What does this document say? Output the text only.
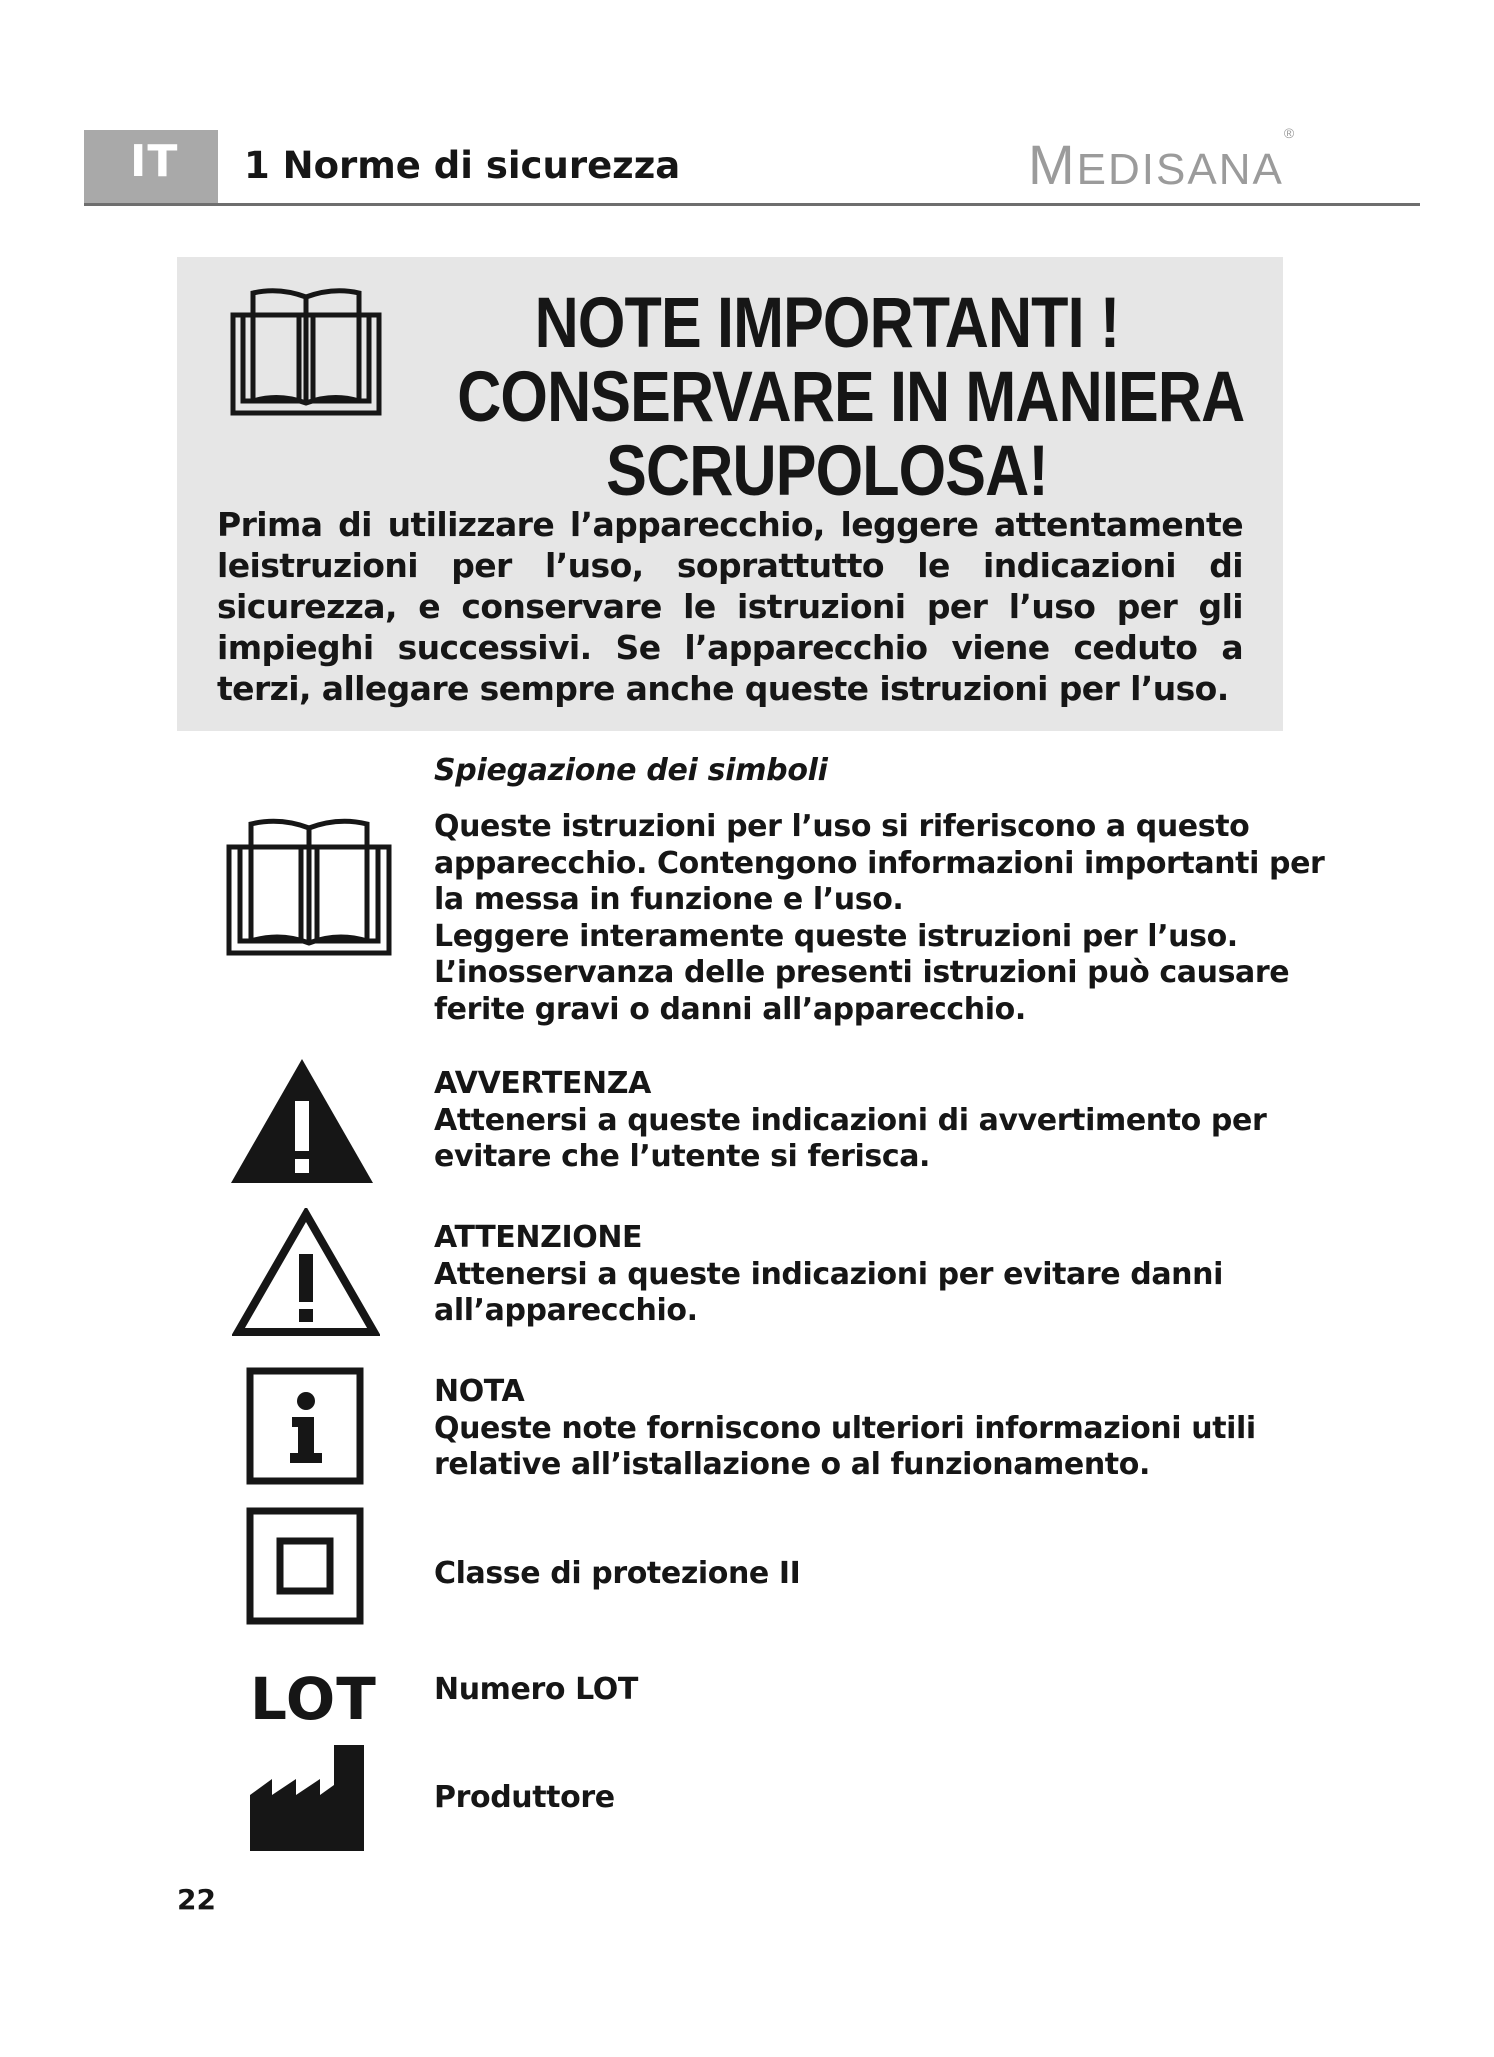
IT	1 Norme di sicurezza	MEDISANA®
NOTE IMPORTANTI !
CONSERVARE IN MANIERA
SCRUPOLOSA!
Prima di utilizzare l’apparecchio, leggere attentamente leistruzioni per l’uso, soprattutto le indicazioni di sicurezza, e conservare le istruzioni per l’uso per gli impieghi successivi. Se l’apparecchio viene ceduto a terzi, allegare sempre anche queste istruzioni per l’uso.
Spiegazione dei simboli
Queste istruzioni per l’uso si riferiscono a questo
apparecchio. Contengono informazioni importanti per
la messa in funzione e l’uso.
Leggere interamente queste istruzioni per l’uso.
L’inosservanza delle presenti istruzioni può causare
ferite gravi o danni all’apparecchio.
AVVERTENZA
Attenersi a queste indicazioni di avvertimento per
evitare che l’utente si ferisca.
ATTENZIONE
Attenersi a queste indicazioni per evitare danni
all’apparecchio.
NOTA
Queste note forniscono ulteriori informazioni utili
relative all’istallazione o al funzionamento.
Classe di protezione II
LOT Numero LOT
Produttore
22
